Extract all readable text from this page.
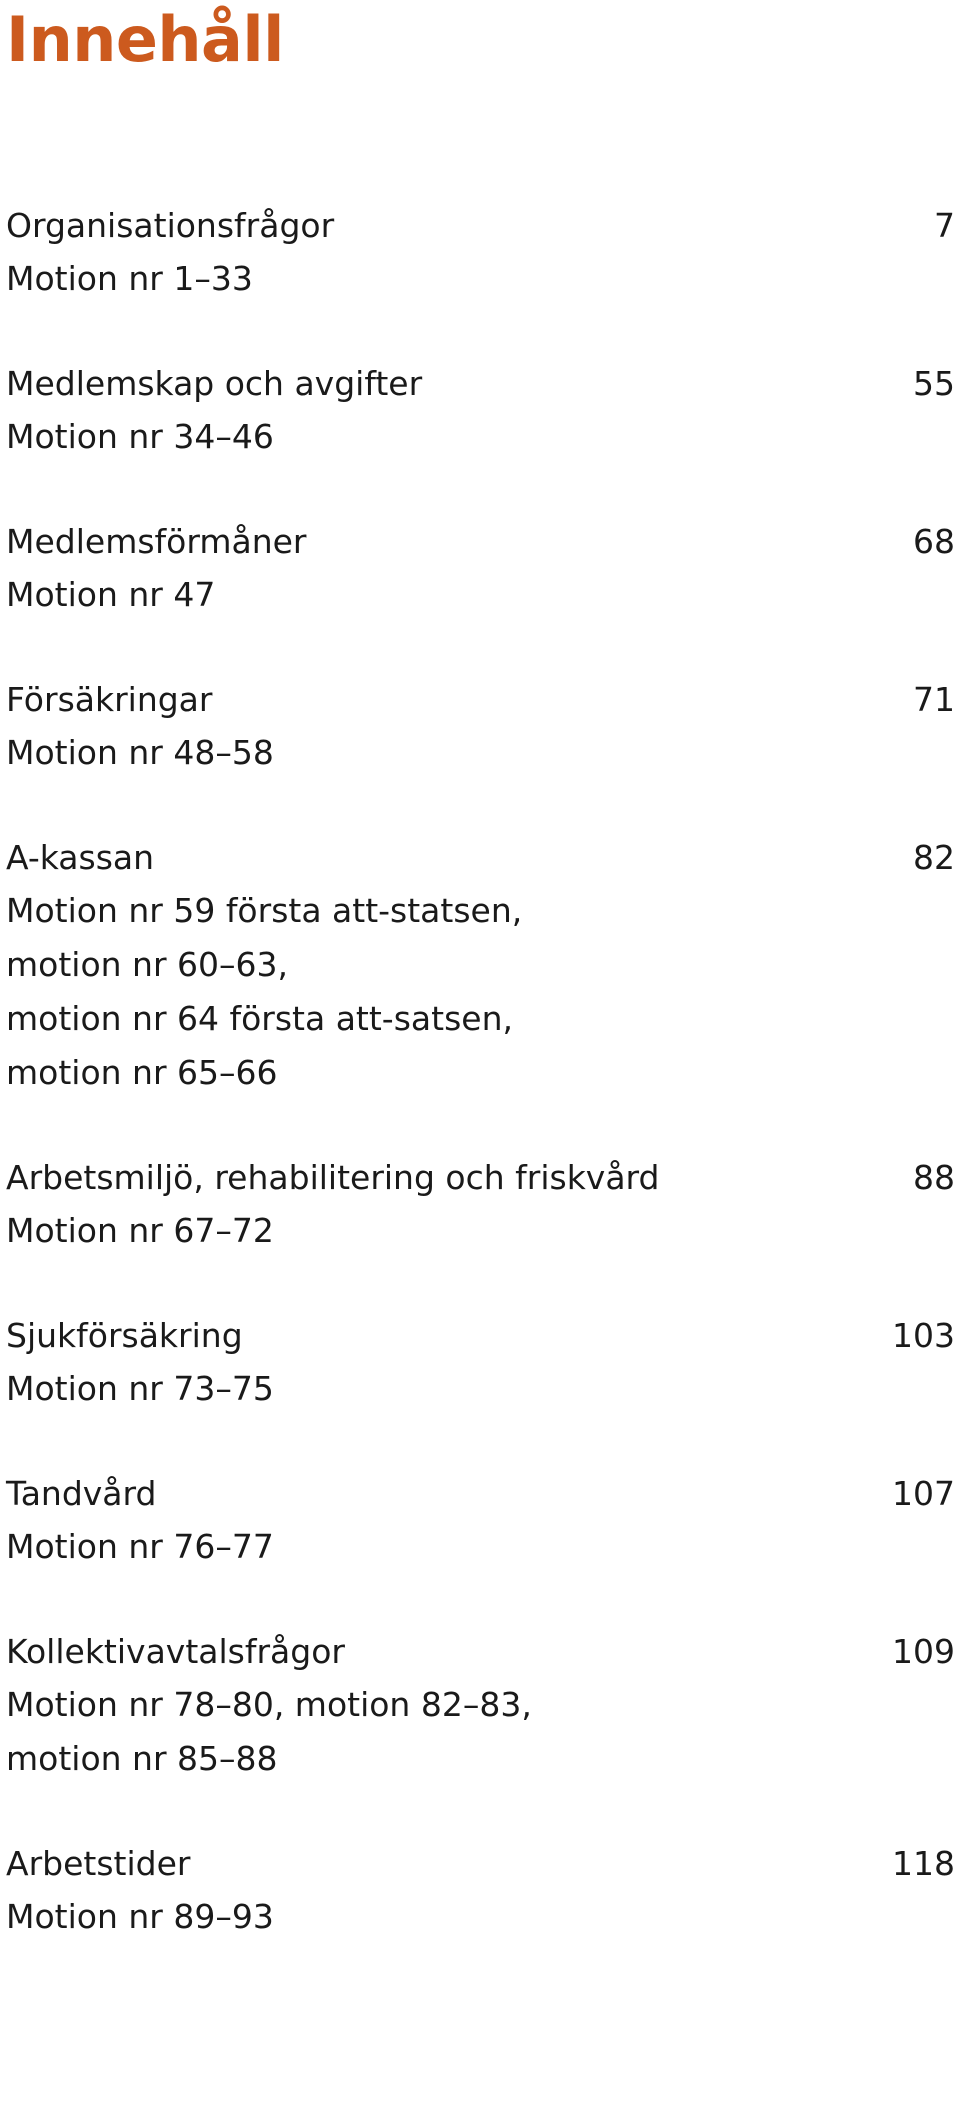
Innehåll
Organisationsfrågor	7

Motion nr 1–33

Medlemskap och avgifter	55

Motion nr 34–46

Medlemsförmåner	68

Motion nr 47

Försäkringar	71

Motion nr 48–58

A-kassan	82

Motion nr 59 första att-statsen,

motion nr 60–63,

motion nr 64 första att-satsen,

motion nr 65–66

Arbetsmiljö, rehabilitering och friskvård	88

Motion nr 67–72

Sjukförsäkring	103

Motion nr 73–75

Tandvård	107

Motion nr 76–77

Kollektivavtalsfrågor	109

Motion nr 78–80, motion 82–83,

motion nr 85–88

Arbetstider	118

Motion nr 89–93
